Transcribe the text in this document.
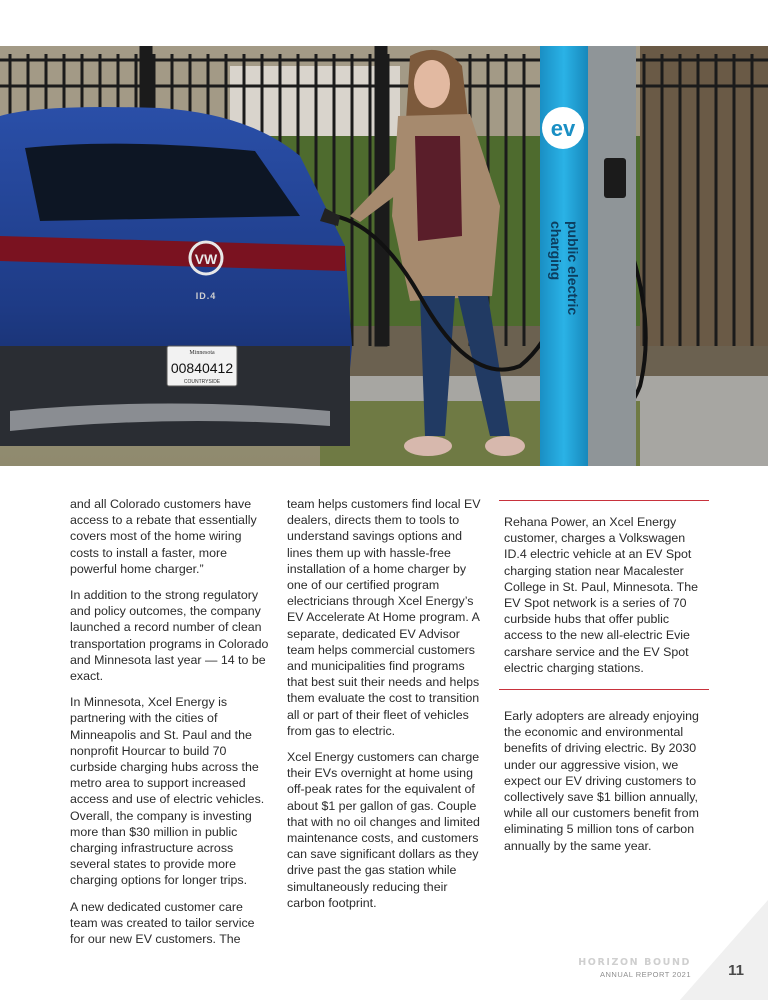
ev
public electric
charging
VW
ID.4
Minnesota
00840412
COUNTRYSIDE

and all Colorado customers have access to a rebate that essentially covers most of the home wiring costs to install a faster, more powerful home charger.”

In addition to the strong regulatory and policy outcomes, the company launched a record number of clean transportation programs in Colorado and Minnesota last year — 14 to be exact.

In Minnesota, Xcel Energy is partnering with the cities of Minneapolis and St. Paul and the nonprofit Hourcar to build 70 curbside charging hubs across the metro area to support increased access and use of electric vehicles. Overall, the company is investing more than $30 million in public charging infrastructure across several states to provide more charging options for longer trips.

A new dedicated customer care team was created to tailor service for our new EV customers. The

team helps customers find local EV dealers, directs them to tools to understand savings options and lines them up with hassle-free installation of a home charger by one of our certified program electricians through Xcel Energy’s EV Accelerate At Home program. A separate, dedicated EV Advisor team helps commercial customers and municipalities find programs that best suit their needs and helps them evaluate the cost to transition all or part of their fleet of vehicles from gas to electric.

Xcel Energy customers can charge their EVs overnight at home using off-peak rates for the equivalent of about $1 per gallon of gas. Couple that with no oil changes and limited maintenance costs, and customers can save significant dollars as they drive past the gas station while simultaneously reducing their carbon footprint.

Rehana Power, an Xcel Energy customer, charges a Volkswagen ID.4 electric vehicle at an EV Spot charging station near Macalester College in St. Paul, Minnesota. The EV Spot network is a series of 70 curbside hubs that offer public access to the new all-electric Evie carshare service and the EV Spot electric charging stations.

Early adopters are already enjoying the economic and environmental benefits of driving electric. By 2030 under our aggressive vision, we expect our EV driving customers to collectively save $1 billion annually, while all our customers benefit from eliminating 5 million tons of carbon annually by the same year.

HORIZON BOUND
ANNUAL REPORT 2021 11
